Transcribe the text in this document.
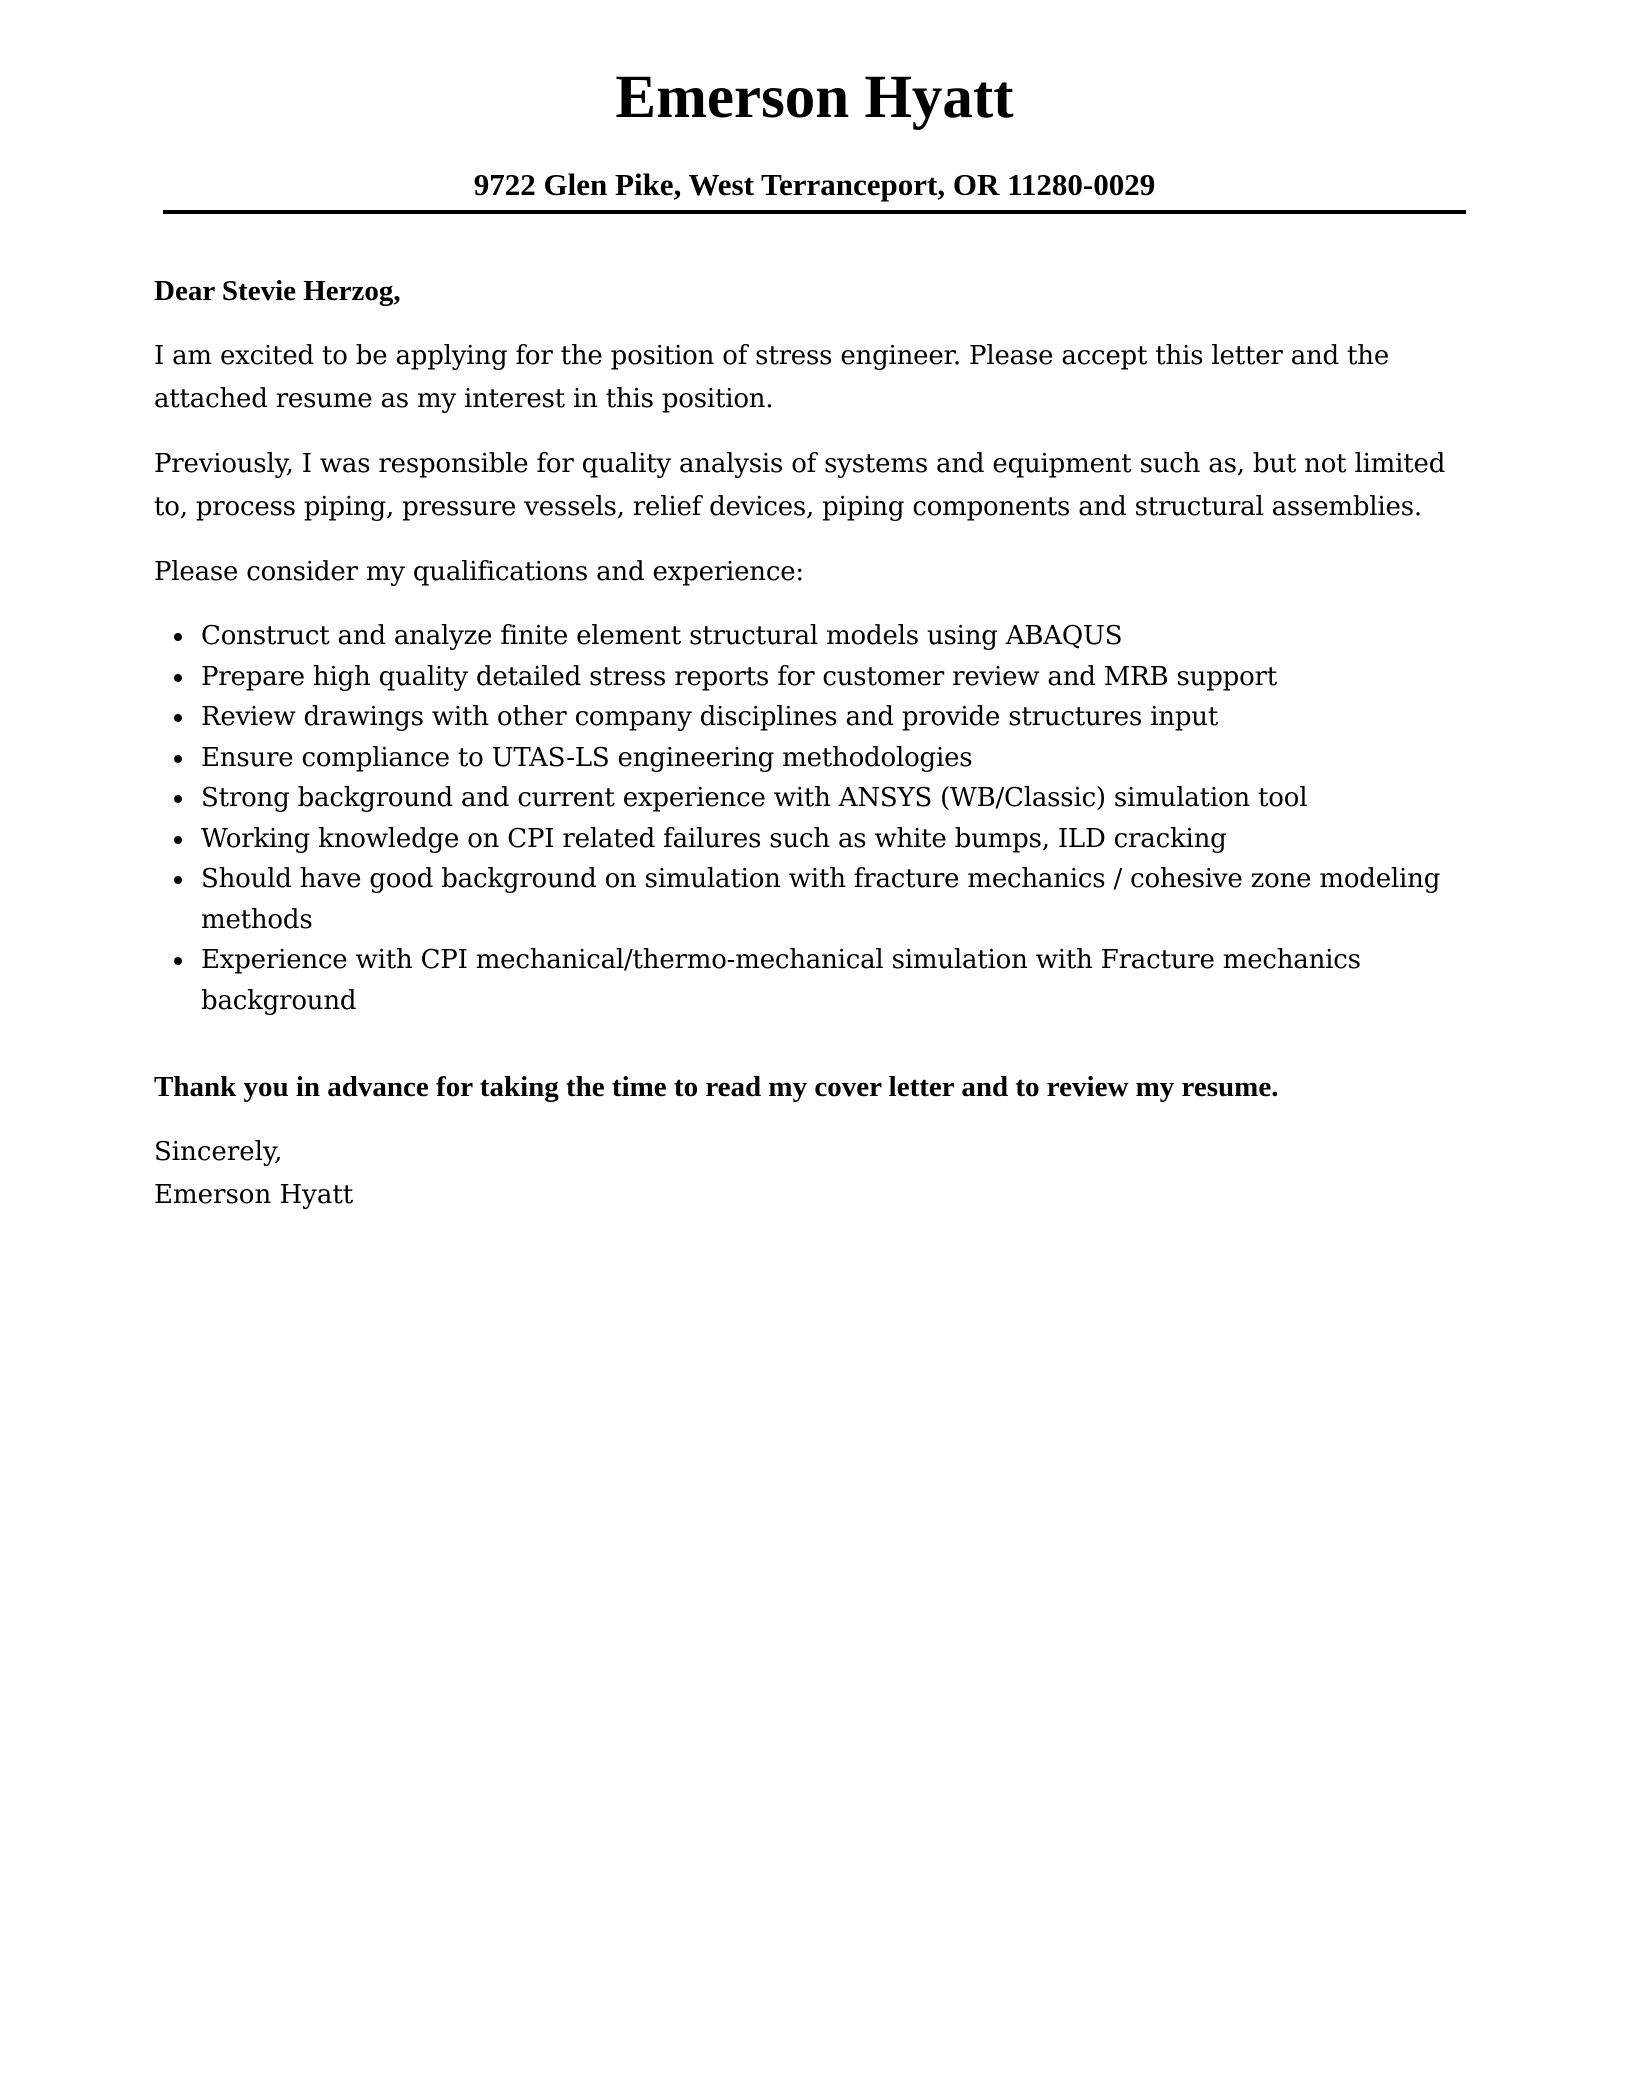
Emerson Hyatt

9722 Glen Pike, West Terranceport, OR 11280-0029

Dear Stevie Herzog,

I am excited to be applying for the position of stress engineer. Please accept this letter and the attached resume as my interest in this position.

Previously, I was responsible for quality analysis of systems and equipment such as, but not limited to, process piping, pressure vessels, relief devices, piping components and structural assemblies.

Please consider my qualifications and experience:

Construct and analyze finite element structural models using ABAQUS
Prepare high quality detailed stress reports for customer review and MRB support
Review drawings with other company disciplines and provide structures input
Ensure compliance to UTAS-LS engineering methodologies
Strong background and current experience with ANSYS (WB/Classic) simulation tool
Working knowledge on CPI related failures such as white bumps, ILD cracking
Should have good background on simulation with fracture mechanics / cohesive zone modeling methods
Experience with CPI mechanical/thermo-mechanical simulation with Fracture mechanics background

Thank you in advance for taking the time to read my cover letter and to review my resume.

Sincerely,
Emerson Hyatt
